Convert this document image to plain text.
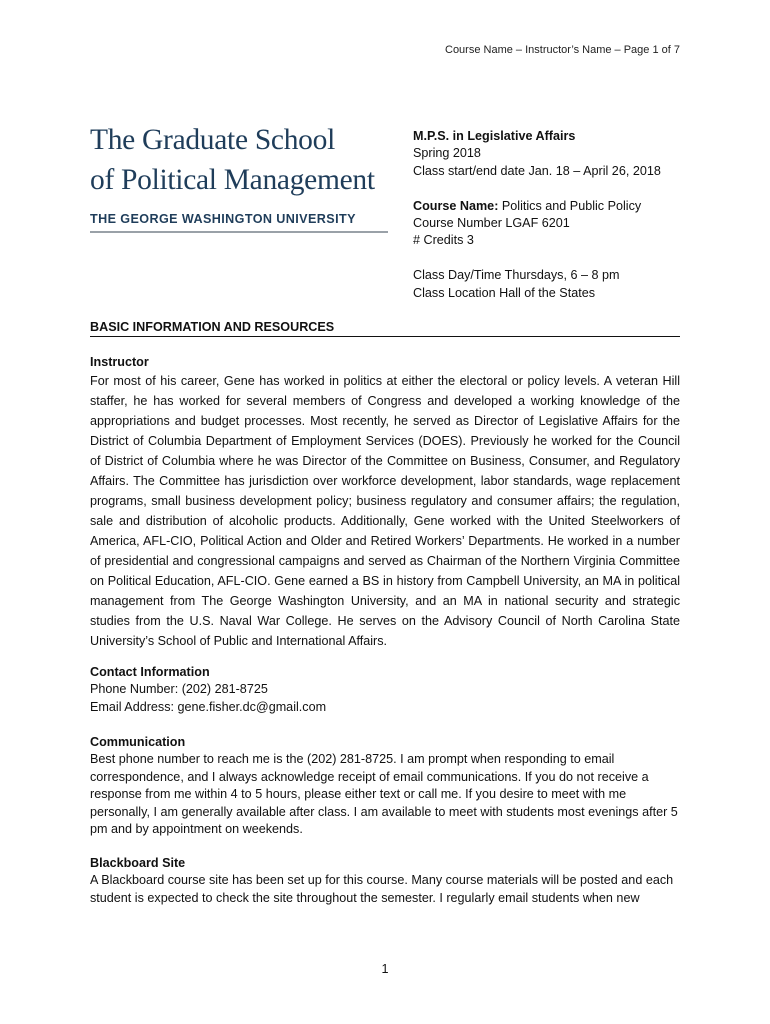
Course Name – Instructor’s Name – Page 1 of 7
The Graduate School
of Political Management
THE GEORGE WASHINGTON UNIVERSITY
M.P.S. in Legislative Affairs
Spring 2018
Class start/end date Jan. 18 – April 26, 2018
Course Name: Politics and Public Policy
Course Number LGAF 6201
# Credits 3
Class Day/Time Thursdays, 6 – 8 pm
Class Location Hall of the States
BASIC INFORMATION AND RESOURCES
Instructor
For most of his career, Gene has worked in politics at either the electoral or policy levels. A veteran Hill staffer, he has worked for several members of Congress and developed a working knowledge of the appropriations and budget processes. Most recently, he served as Director of Legislative Affairs for the District of Columbia Department of Employment Services (DOES). Previously he worked for the Council of District of Columbia where he was Director of the Committee on Business, Consumer, and Regulatory Affairs. The Committee has jurisdiction over workforce development, labor standards, wage replacement programs, small business development policy; business regulatory and consumer affairs; the regulation, sale and distribution of alcoholic products. Additionally, Gene worked with the United Steelworkers of America, AFL-CIO, Political Action and Older and Retired Workers’ Departments. He worked in a number of presidential and congressional campaigns and served as Chairman of the Northern Virginia Committee on Political Education, AFL-CIO. Gene earned a BS in history from Campbell University, an MA in political management from The George Washington University, and an MA in national security and strategic studies from the U.S. Naval War College. He serves on the Advisory Council of North Carolina State University’s School of Public and International Affairs.
Contact Information
Phone Number: (202) 281-8725
Email Address: gene.fisher.dc@gmail.com
Communication
Best phone number to reach me is the (202) 281-8725. I am prompt when responding to email correspondence, and I always acknowledge receipt of email communications. If you do not receive a response from me within 4 to 5 hours, please either text or call me. If you desire to meet with me personally, I am generally available after class. I am available to meet with students most evenings after 5 pm and by appointment on weekends.
Blackboard Site
A Blackboard course site has been set up for this course. Many course materials will be posted and each student is expected to check the site throughout the semester. I regularly email students when new
1
